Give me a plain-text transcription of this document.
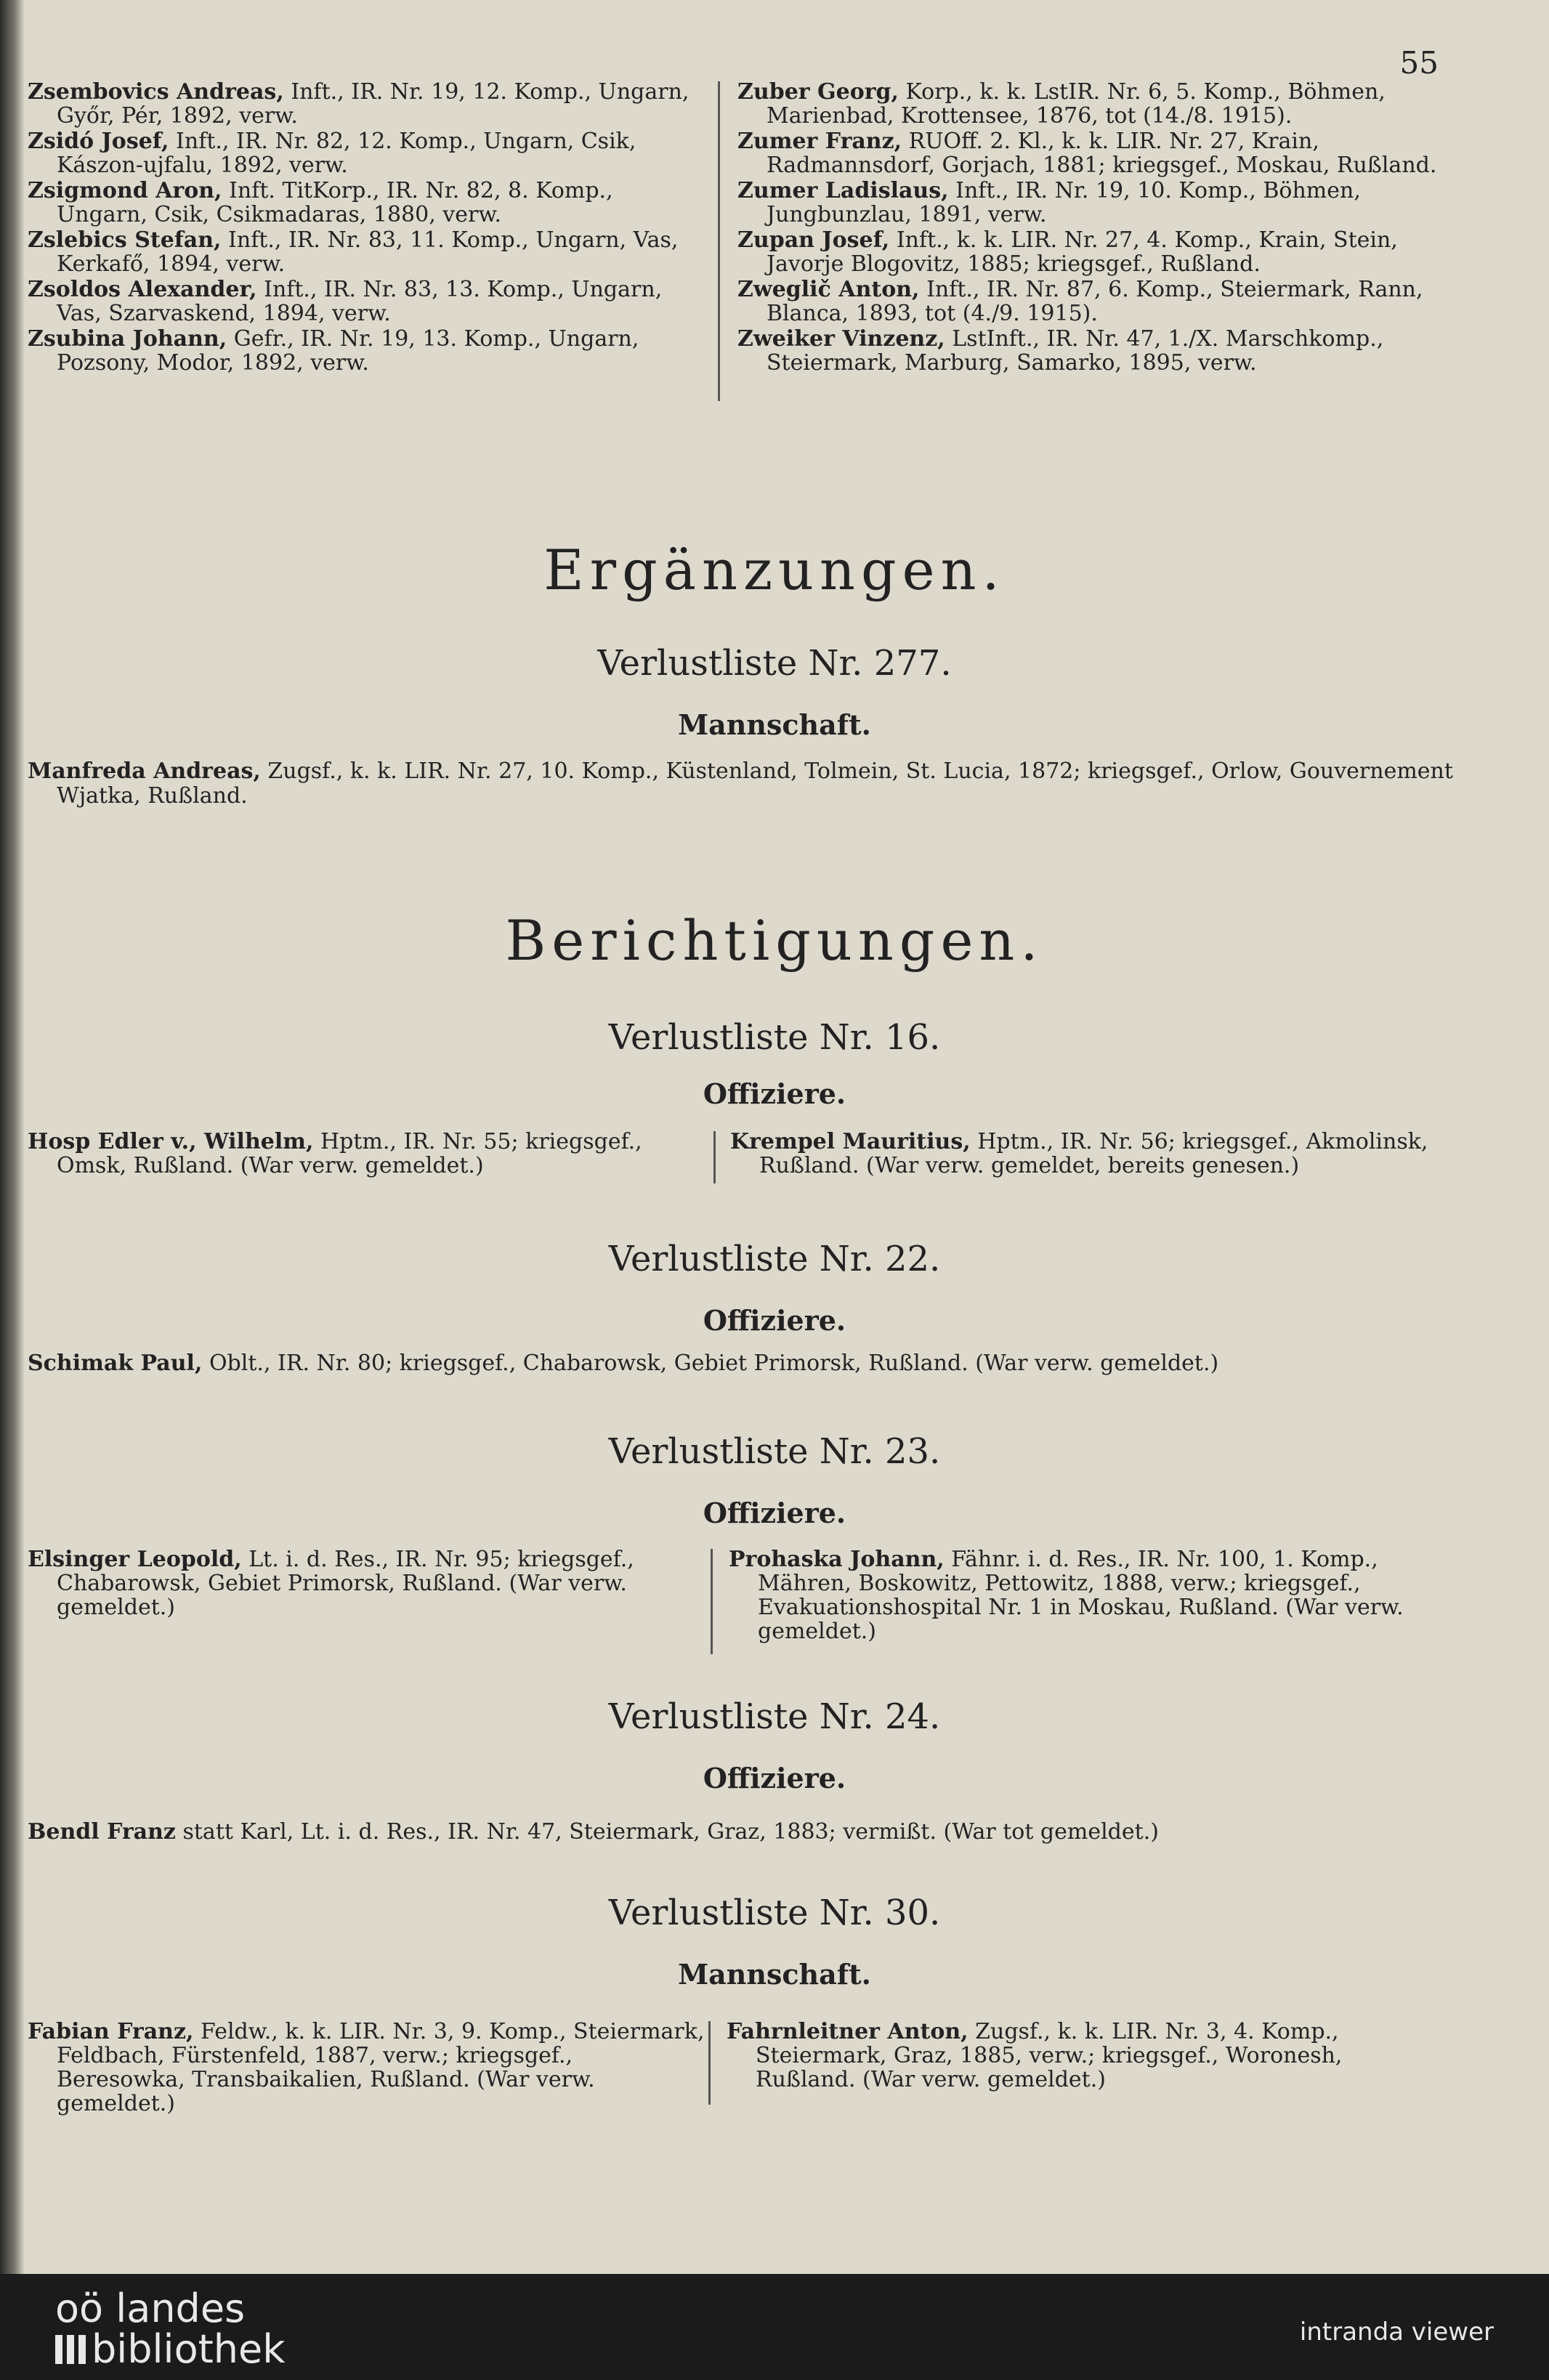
55
Zsembovics Andreas, Inft., IR. Nr. 19, 12. Komp., Ungarn, Győr, Pér, 1892, verw.
Zsidó Josef, Inft., IR. Nr. 82, 12. Komp., Ungarn, Csik, Kászon-ujfalu, 1892, verw.
Zsigmond Aron, Inft. TitKorp., IR. Nr. 82, 8. Komp., Ungarn, Csik, Csikmadaras, 1880, verw.
Zslebics Stefan, Inft., IR. Nr. 83, 11. Komp., Ungarn, Vas, Kerkafő, 1894, verw.
Zsoldos Alexander, Inft., IR. Nr. 83, 13. Komp., Ungarn, Vas, Szarvaskend, 1894, verw.
Zsubina Johann, Gefr., IR. Nr. 19, 13. Komp., Ungarn, Pozsony, Modor, 1892, verw.
Zuber Georg, Korp., k. k. LstIR. Nr. 6, 5. Komp., Böhmen, Marienbad, Krottensee, 1876, tot (14./8. 1915).
Zumer Franz, RUOff. 2. Kl., k. k. LIR. Nr. 27, Krain, Radmannsdorf, Gorjach, 1881; kriegsgef., Moskau, Rußland.
Zumer Ladislaus, Inft., IR. Nr. 19, 10. Komp., Böhmen, Jungbunzlau, 1891, verw.
Zupan Josef, Inft., k. k. LIR. Nr. 27, 4. Komp., Krain, Stein, Javorje Blogovitz, 1885; kriegsgef., Rußland.
Zweglič Anton, Inft., IR. Nr. 87, 6. Komp., Steiermark, Rann, Blanca, 1893, tot (4./9. 1915).
Zweiker Vinzenz, LstInft., IR. Nr. 47, 1./X. Marschkomp., Steiermark, Marburg, Samarko, 1895, verw.
Ergänzungen.
Verlustliste Nr. 277.
Mannschaft.
Manfreda Andreas, Zugsf., k. k. LIR. Nr. 27, 10. Komp., Küstenland, Tolmein, St. Lucia, 1872; kriegsgef., Orlow, Gouvernement Wjatka, Rußland.
Berichtigungen.
Verlustliste Nr. 16.
Offiziere.
Hosp Edler v., Wilhelm, Hptm., IR. Nr. 55; kriegsgef., Omsk, Rußland. (War verw. gemeldet.)
Krempel Mauritius, Hptm., IR. Nr. 56; kriegsgef., Akmolinsk, Rußland. (War verw. gemeldet, bereits genesen.)
Verlustliste Nr. 22.
Offiziere.
Schimak Paul, Oblt., IR. Nr. 80; kriegsgef., Chabarowsk, Gebiet Primorsk, Rußland. (War verw. gemeldet.)
Verlustliste Nr. 23.
Offiziere.
Elsinger Leopold, Lt. i. d. Res., IR. Nr. 95; kriegsgef., Chabarowsk, Gebiet Primorsk, Rußland. (War verw. gemeldet.)
Prohaska Johann, Fähnr. i. d. Res., IR. Nr. 100, 1. Komp., Mähren, Boskowitz, Pettowitz, 1888, verw.; kriegsgef., Evakuationshospital Nr. 1 in Moskau, Rußland. (War verw. gemeldet.)
Verlustliste Nr. 24.
Offiziere.
Bendl Franz statt Karl, Lt. i. d. Res., IR. Nr. 47, Steiermark, Graz, 1883; vermißt. (War tot gemeldet.)
Verlustliste Nr. 30.
Mannschaft.
Fabian Franz, Feldw., k. k. LIR. Nr. 3, 9. Komp., Steiermark, Feldbach, Fürstenfeld, 1887, verw.; kriegsgef., Beresowka, Transbaikalien, Rußland. (War verw. gemeldet.)
Fahrnleitner Anton, Zugsf., k. k. LIR. Nr. 3, 4. Komp., Steiermark, Graz, 1885, verw.; kriegsgef., Woronesh, Rußland. (War verw. gemeldet.)
oö landes
bibliothek	intranda viewer
